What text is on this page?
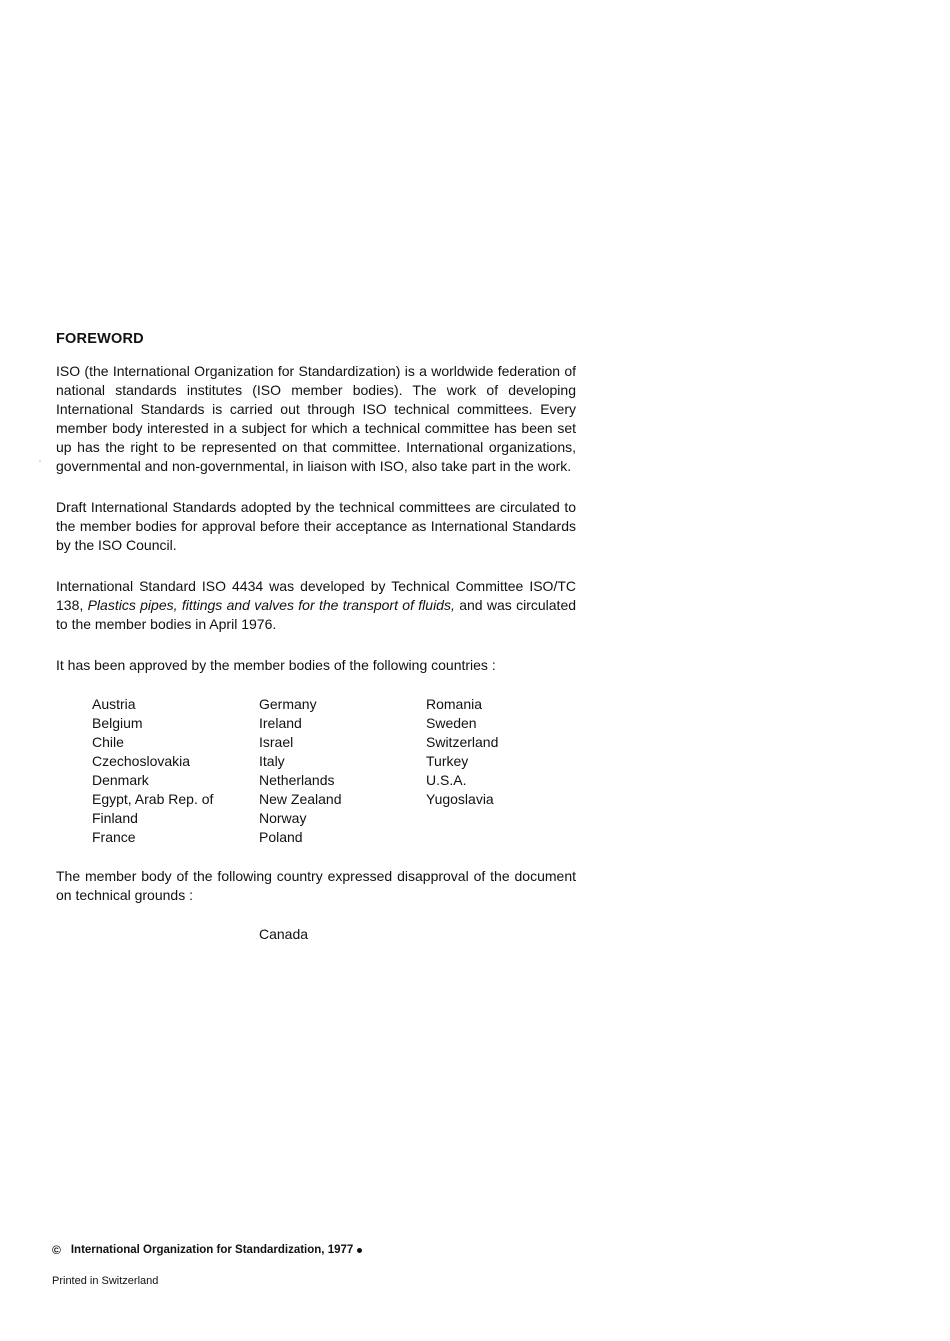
FOREWORD

ISO (the International Organization for Standardization) is a worldwide federation of national standards institutes (ISO member bodies). The work of developing International Standards is carried out through ISO technical committees. Every member body interested in a subject for which a technical committee has been set up has the right to be represented on that committee. International organizations, governmental and non-governmental, in liaison with ISO, also take part in the work.

Draft International Standards adopted by the technical committees are circulated to the member bodies for approval before their acceptance as International Standards by the ISO Council.

International Standard ISO 4434 was developed by Technical Committee ISO/TC 138, Plastics pipes, fittings and valves for the transport of fluids, and was circulated to the member bodies in April 1976.

It has been approved by the member bodies of the following countries :

Austria
Belgium
Chile
Czechoslovakia
Denmark
Egypt, Arab Rep. of
Finland
France
Germany
Ireland
Israel
Italy
Netherlands
New Zealand
Norway
Poland
Romania
Sweden
Switzerland
Turkey
U.S.A.
Yugoslavia

The member body of the following country expressed disapproval of the document on technical grounds :

Canada
© International Organization for Standardization, 1977
Printed in Switzerland
